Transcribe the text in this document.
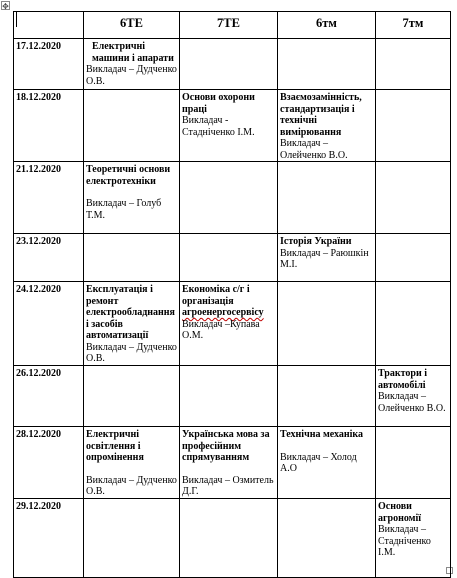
✥
	6ТЕ	7ТЕ	6тм	7тм
17.12.2020	Електричні машини і апарати
Викладач – Дудченко О.В.			

18.12.2020		Основи охорони праці
Викладач - Стадніченко І.М.	Взаємозамінність, стандартизація і технічні вимірювання
Викладач – Олейченко В.О.	

21.12.2020	Теоретичні основи електротехніки
Викладач – Голуб Т.М.			

23.12.2020			Історія України
Викладач – Раюшкін М.І.	

24.12.2020	Експлуатація і ремонт електрообладнання і засобів автоматизації
Викладач – Дудченко О.В.	Економіка с/г і організація
агроенергосервісу
Викладач –Купава О.М.		

26.12.2020				Трактори і автомобілі
Викладач – Олейченко В.О.

28.12.2020	Електричні освітлення і опромінення
Викладач – Дудченко О.В.	Українська мова за професійним спрямуванням
Викладач – Озмитель Д.Г.	Технічна механіка
Викладач – Холод А.О	

29.12.2020				Основи агрономії
Викладач – Стадніченко І.М.
